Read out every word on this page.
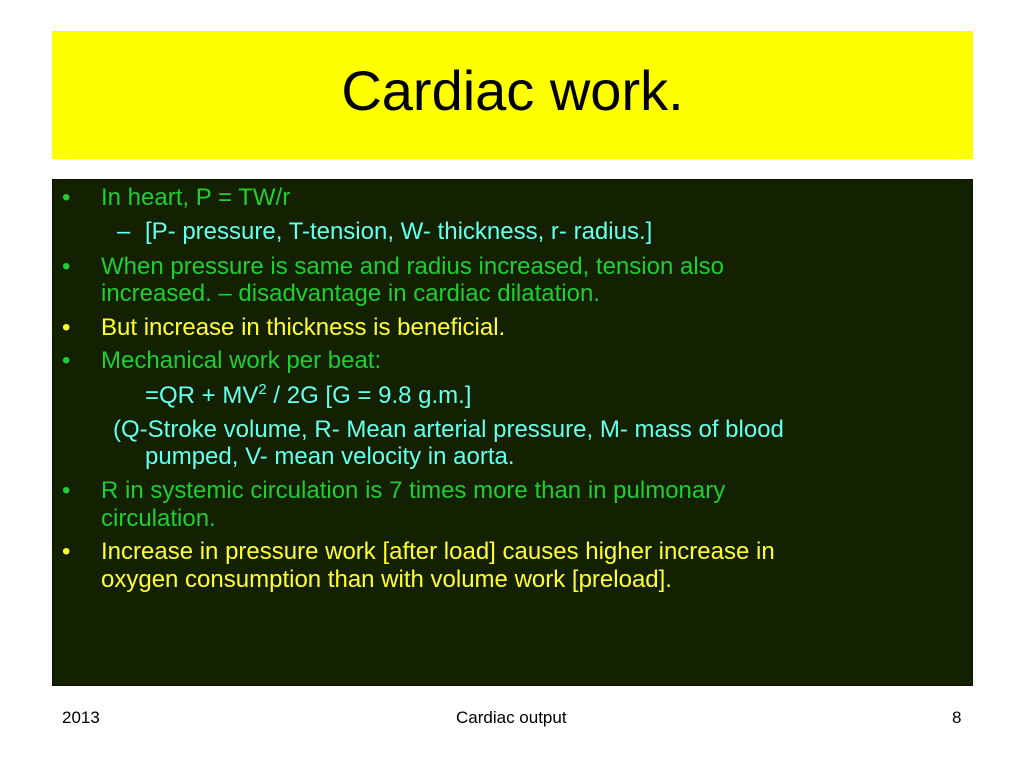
Cardiac work.
• In heart, P = TW/r
– [P- pressure, T-tension, W- thickness, r- radius.]
• When pressure is same and radius increased, tension also
increased. – disadvantage in cardiac dilatation.
• But increase in thickness is beneficial.
• Mechanical work per beat:
$=QR + MV^2 / 2G$ [G = 9.8 g.m.]
(Q-Stroke volume, R- Mean arterial pressure, M- mass of blood
pumped, V- mean velocity in aorta.
• R in systemic circulation is 7 times more than in pulmonary
circulation.
• Increase in pressure work [after load] causes higher increase in
oxygen consumption than with volume work [preload].
2013	Cardiac output	8
